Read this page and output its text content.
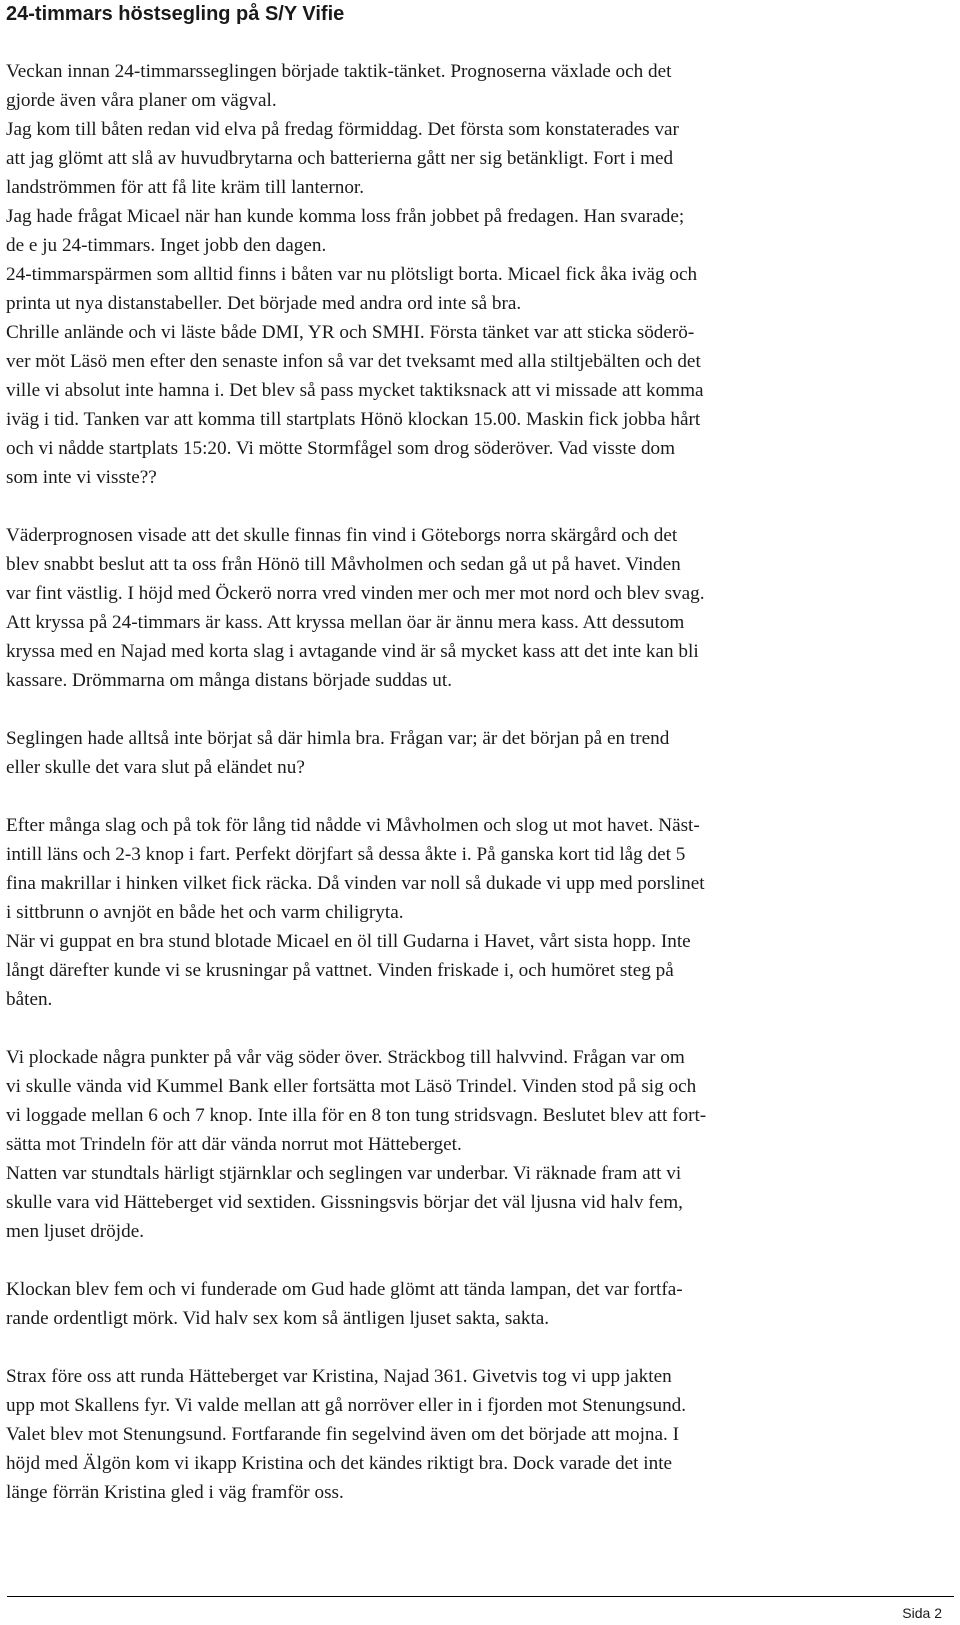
24-timmars höstsegling på S/Y Vifie

Veckan innan 24-timmarsseglingen började taktik-tänket. Prognoserna växlade och det
gjorde även våra planer om vägval.
Jag kom till båten redan vid elva på fredag förmiddag. Det första som konstaterades var
att jag glömt att slå av huvudbrytarna och batterierna gått ner sig betänkligt. Fort i med
landströmmen för att få lite kräm till lanternor.
Jag hade frågat Micael när han kunde komma loss från jobbet på fredagen. Han svarade;
de e ju 24-timmars. Inget jobb den dagen.
24-timmarspärmen som alltid finns i båten var nu plötsligt borta. Micael fick åka iväg och
printa ut nya distanstabeller. Det började med andra ord inte så bra.
Chrille anlände och vi läste både DMI, YR och SMHI. Första tänket var att sticka söderö-
ver möt Läsö men efter den senaste infon så var det tveksamt med alla stiltjebälten och det
ville vi absolut inte hamna i. Det blev så pass mycket taktiksnack att vi missade att komma
iväg i tid. Tanken var att komma till startplats Hönö klockan 15.00. Maskin fick jobba hårt
och vi nådde startplats 15:20. Vi mötte Stormfågel som drog söderöver. Vad visste dom
som inte vi visste??

Väderprognosen visade att det skulle finnas fin vind i Göteborgs norra skärgård och det
blev snabbt beslut att ta oss från Hönö till Måvholmen och sedan gå ut på havet. Vinden
var fint västlig. I höjd med Öckerö norra vred vinden mer och mer mot nord och blev svag.
Att kryssa på 24-timmars är kass. Att kryssa mellan öar är ännu mera kass. Att dessutom
kryssa med en Najad med korta slag i avtagande vind är så mycket kass att det inte kan bli
kassare. Drömmarna om många distans började suddas ut.

Seglingen hade alltså inte börjat så där himla bra. Frågan var; är det början på en trend
eller skulle det vara slut på eländet nu?

Efter många slag och på tok för lång tid nådde vi Måvholmen och slog ut mot havet. Näst-
intill läns och 2-3 knop i fart. Perfekt dörjfart så dessa åkte i. På ganska kort tid låg det 5
fina makrillar i hinken vilket fick räcka. Då vinden var noll så dukade vi upp med porslinet
i sittbrunn o avnjöt en både het och varm chiligryta.
När vi guppat en bra stund blotade Micael en öl till Gudarna i Havet, vårt sista hopp. Inte
långt därefter kunde vi se krusningar på vattnet. Vinden friskade i, och humöret steg på
båten.

Vi plockade några punkter på vår väg söder över. Sträckbog till halvvind. Frågan var om
vi skulle vända vid Kummel Bank eller fortsätta mot Läsö Trindel. Vinden stod på sig och
vi loggade mellan 6 och 7 knop. Inte illa för en 8 ton tung stridsvagn. Beslutet blev att fort-
sätta mot Trindeln för att där vända norrut mot Hätteberget.
Natten var stundtals härligt stjärnklar och seglingen var underbar. Vi räknade fram att vi
skulle vara vid Hätteberget vid sextiden. Gissningsvis börjar det väl ljusna vid halv fem,
men ljuset dröjde.

Klockan blev fem och vi funderade om Gud hade glömt att tända lampan, det var fortfa-
rande ordentligt mörk. Vid halv sex kom så äntligen ljuset sakta, sakta.

Strax före oss att runda Hätteberget var Kristina, Najad 361. Givetvis tog vi upp jakten
upp mot Skallens fyr. Vi valde mellan att gå norröver eller in i fjorden mot Stenungsund.
Valet blev mot Stenungsund. Fortfarande fin segelvind även om det började att mojna. I
höjd med Älgön kom vi ikapp Kristina och det kändes riktigt bra. Dock varade det inte
länge förrän Kristina gled i väg framför oss.

Sida 2
